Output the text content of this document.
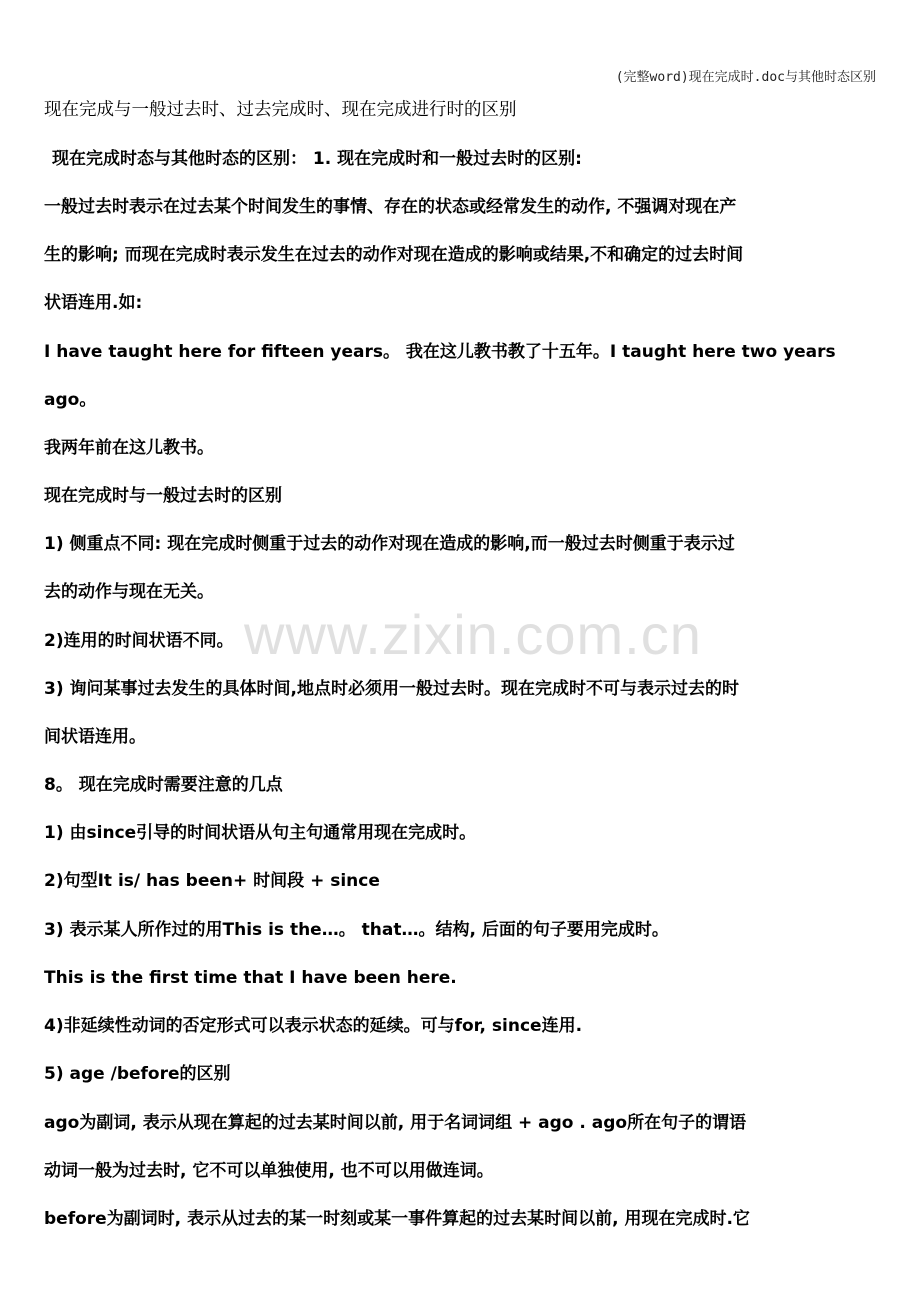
(完整word)现在完成时.doc与其他时态区别
现在完成与一般过去时、过去完成时、现在完成进行时的区别
www.zixin.com.cn
现在完成时态与其他时态的区别： 1. 现在完成时和一般过去时的区别:
一般过去时表示在过去某个时间发生的事情、存在的状态或经常发生的动作, 不强调对现在产
生的影响; 而现在完成时表示发生在过去的动作对现在造成的影响或结果,不和确定的过去时间
状语连用.如:
I have taught here for fifteen years。 我在这儿教书教了十五年。I taught here two years
ago。
我两年前在这儿教书。
现在完成时与一般过去时的区别
1) 侧重点不同: 现在完成时侧重于过去的动作对现在造成的影响,而一般过去时侧重于表示过
去的动作与现在无关。
2)连用的时间状语不同。
3) 询问某事过去发生的具体时间,地点时必须用一般过去时。现在完成时不可与表示过去的时
间状语连用。
8。 现在完成时需要注意的几点
1) 由since引导的时间状语从句主句通常用现在完成时。
2)句型It is/ has been+ 时间段 + since
3) 表示某人所作过的用This is the…。 that…。结构, 后面的句子要用完成时。
This is the first time that I have been here.
4)非延续性动词的否定形式可以表示状态的延续。可与for, since连用.
5) age /before的区别
ago为副词, 表示从现在算起的过去某时间以前, 用于名词词组 + ago . ago所在句子的谓语
动词一般为过去时, 它不可以单独使用, 也不可以用做连词。
before为副词时, 表示从过去的某一时刻或某一事件算起的过去某时间以前, 用现在完成时.它
